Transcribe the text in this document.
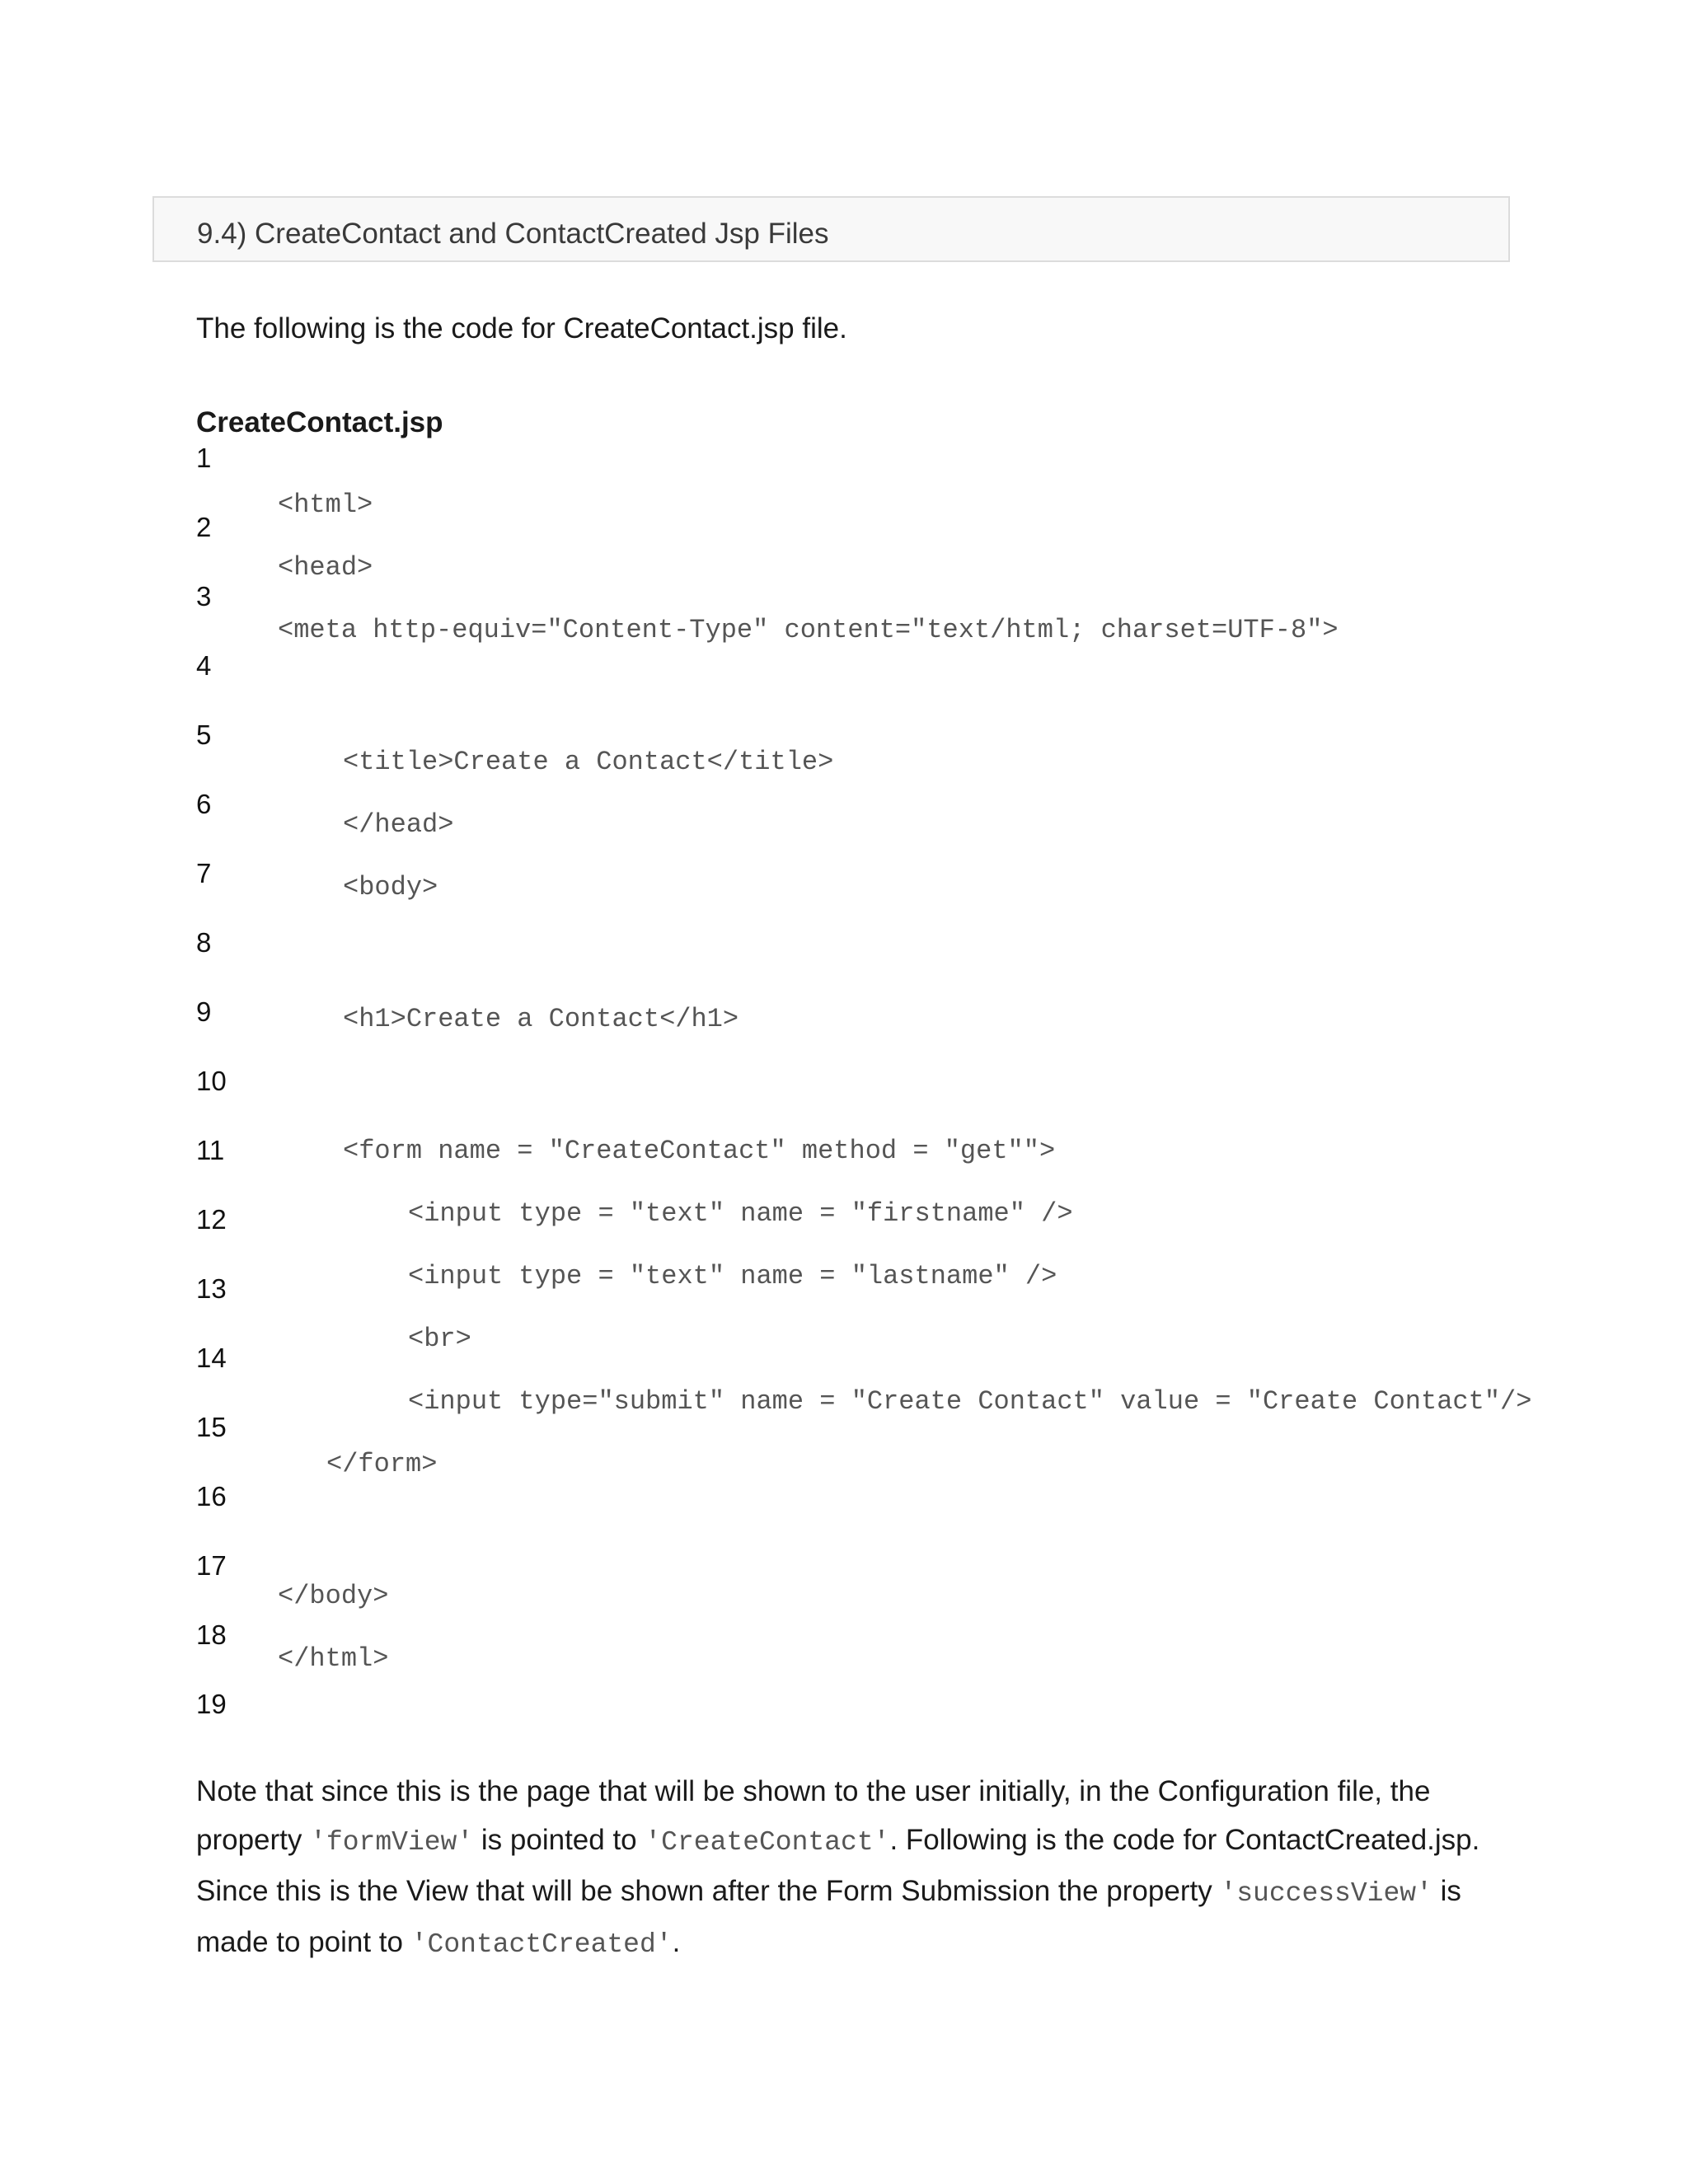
9.4) CreateContact and ContactCreated Jsp Files
The following is the code for CreateContact.jsp file.
CreateContact.jsp
1
2
3
4
5
6
7
8
9
10
11
12
13
14
15
16
17
18
19
<html>
<head>
<meta http-equiv="Content-Type" content="text/html; charset=UTF-8">
<title>Create a Contact</title>
</head>
<body>
<h1>Create a Contact</h1>
<form name = "CreateContact" method = "get"">
<input type = "text" name = "firstname" />
<input type = "text" name = "lastname" />
<br>
<input type="submit" name = "Create Contact" value = "Create Contact"/>
</form>
</body>
</html>
Note that since this is the page that will be shown to the user initially, in the Configuration file, the property 'formView' is pointed to 'CreateContact'. Following is the code for ContactCreated.jsp. Since this is the View that will be shown after the Form Submission the property 'successView' is made to point to 'ContactCreated'.
